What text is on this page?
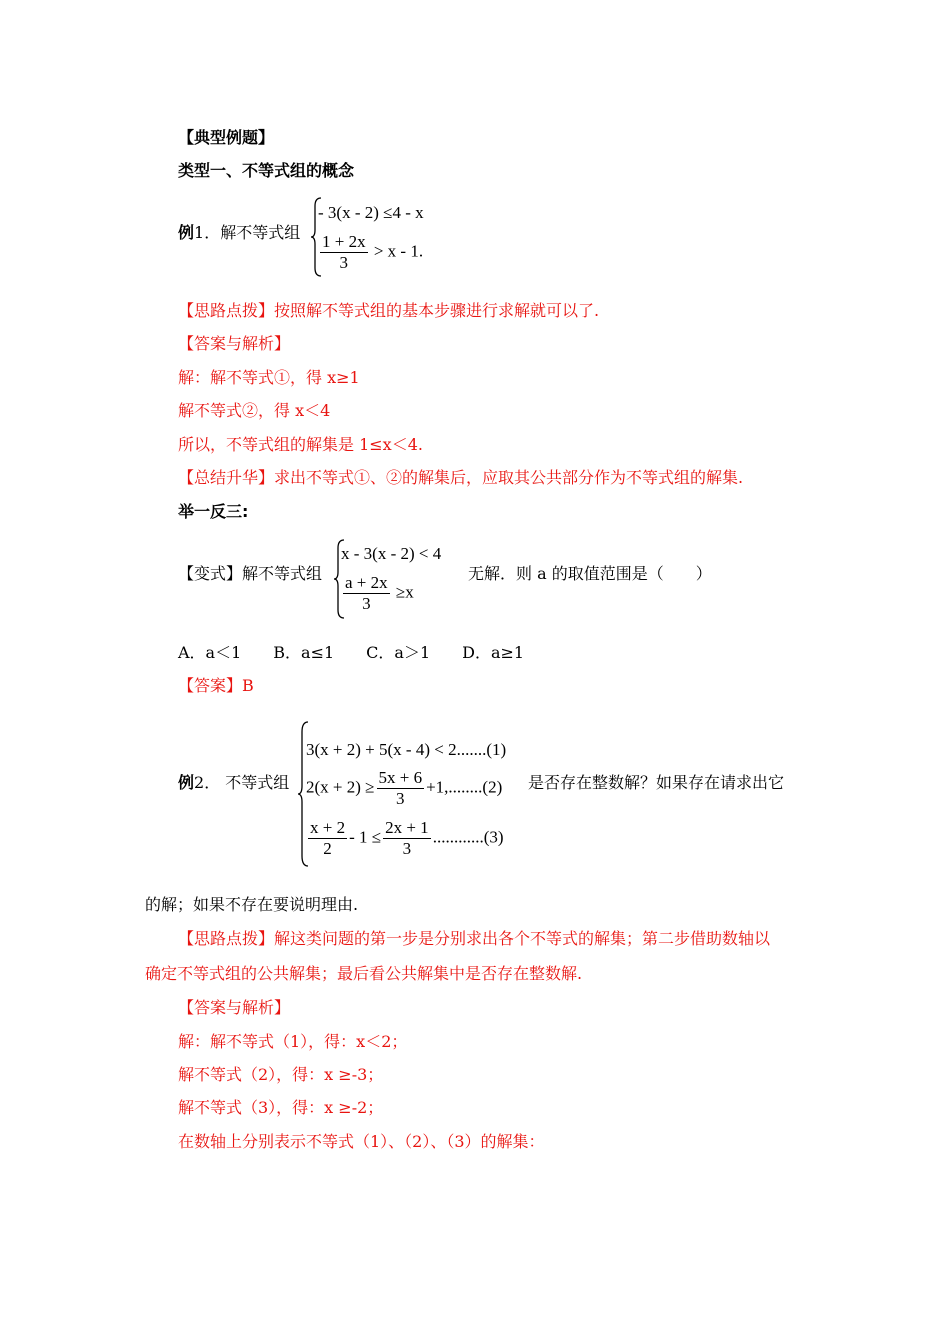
【典型例题】
类型一、不等式组的概念
例1．解不等式组
- 3(x - 2) ≤4 - x
$\frac{1 + 2x}{3} > x - 1$.
【思路点拨】按照解不等式组的基本步骤进行求解就可以了.
【答案与解析】
解：解不等式①，得 x≥1
解不等式②，得 x＜4
所以，不等式组的解集是 1≤x＜4.
【总结升华】求出不等式①、②的解集后，应取其公共部分作为不等式组的解集.
举一反三:
【变式】解不等式组
x - 3(x - 2) < 4
$\frac{a + 2x}{3} \ge x$
无解．则 a 的取值范围是（　　）
A．a＜1　　B．a≤1　　C．a＞1　　D．a≥1
【答案】B
例2． 不等式组
3(x + 2) + 5(x - 4) < 2.......(1)
$2(x + 2) \ge \frac{5x + 6}{3} +1,........(2)$
$\frac{x + 2}{2} - 1 \le \frac{2x + 1}{3} ............(3)$
是否存在整数解？如果存在请求出它
的解；如果不存在要说明理由.
【思路点拨】解这类问题的第一步是分别求出各个不等式的解集；第二步借助数轴以
确定不等式组的公共解集；最后看公共解集中是否存在整数解.
【答案与解析】
解：解不等式（1），得：x＜2；
解不等式（2），得：x ≥-3；
解不等式（3），得：x ≥-2；
在数轴上分别表示不等式（1）、（2）、（3）的解集：
